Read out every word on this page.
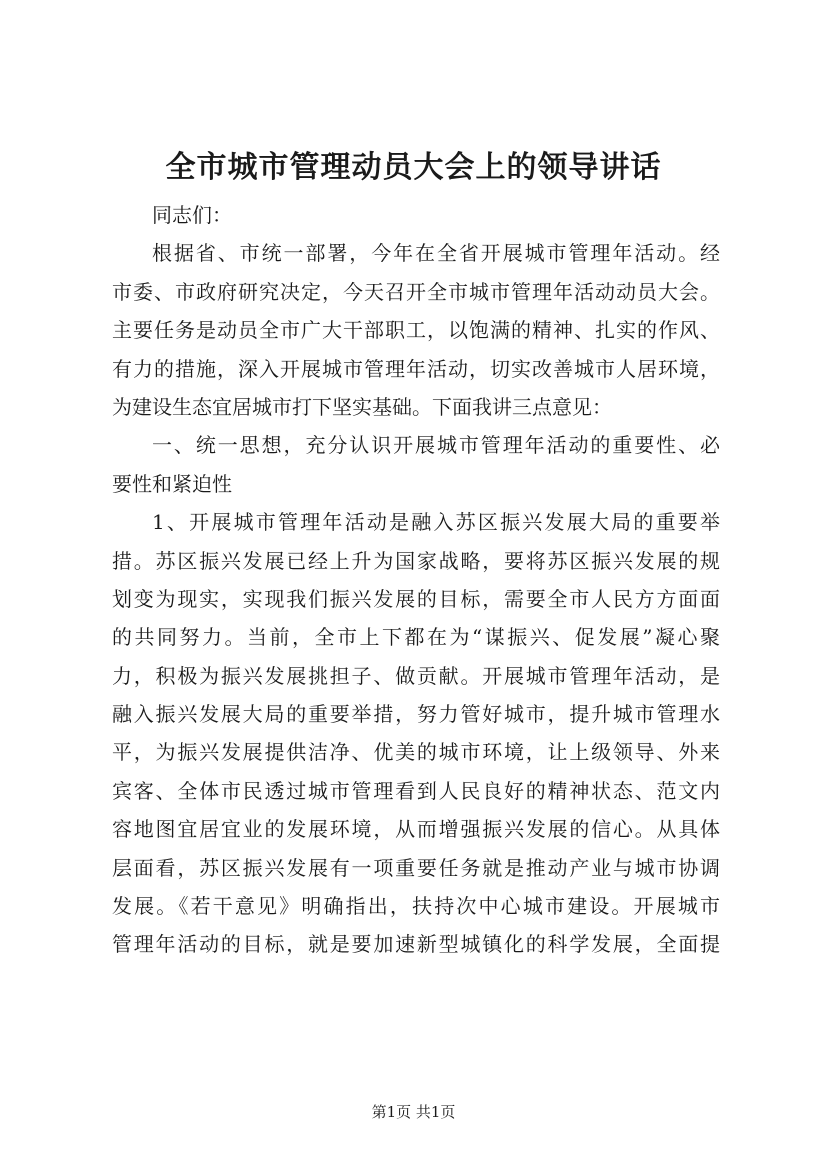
全市城市管理动员大会上的领导讲话

同志们：

根据省、市统一部署，今年在全省开展城市管理年活动。经

市委、市政府研究决定，今天召开全市城市管理年活动动员大会。

主要任务是动员全市广大干部职工，以饱满的精神、扎实的作风、

有力的措施，深入开展城市管理年活动，切实改善城市人居环境，

为建设生态宜居城市打下坚实基础。下面我讲三点意见：

一、统一思想，充分认识开展城市管理年活动的重要性、必

要性和紧迫性

1、开展城市管理年活动是融入苏区振兴发展大局的重要举

措。苏区振兴发展已经上升为国家战略，要将苏区振兴发展的规

划变为现实，实现我们振兴发展的目标，需要全市人民方方面面

的共同努力。当前，全市上下都在为“谋振兴、促发展”凝心聚

力，积极为振兴发展挑担子、做贡献。开展城市管理年活动，是

融入振兴发展大局的重要举措，努力管好城市，提升城市管理水

平，为振兴发展提供洁净、优美的城市环境，让上级领导、外来

宾客、全体市民透过城市管理看到人民良好的精神状态、范文内

容地图宜居宜业的发展环境，从而增强振兴发展的信心。从具体

层面看，苏区振兴发展有一项重要任务就是推动产业与城市协调

发展。《若干意见》明确指出，扶持次中心城市建设。开展城市

管理年活动的目标，就是要加速新型城镇化的科学发展，全面提

第1页 共1页
